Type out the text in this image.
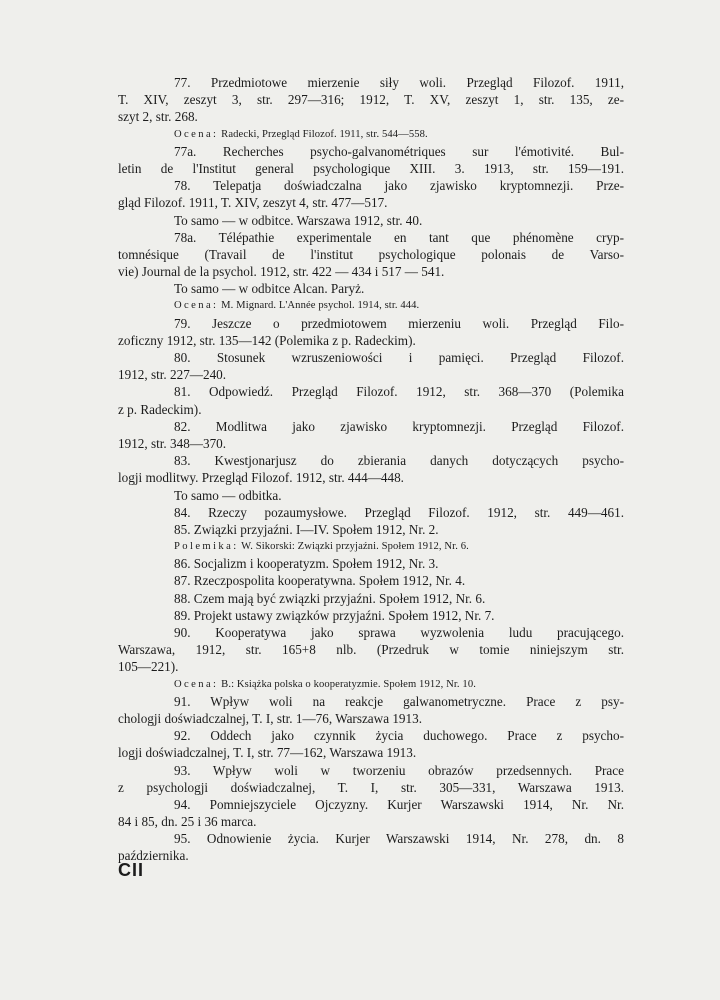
77. Przedmiotowe mierzenie siły woli. Przegląd Filozof. 1911,
T. XIV, zeszyt 3, str. 297—316; 1912, T. XV, zeszyt 1, str. 135, ze-
szyt 2, str. 268.
Ocena: Radecki, Przegląd Filozof. 1911, str. 544—558.
77a. Recherches psycho-galvanométriques sur l'émotivité. Bul-
letin de l'Institut general psychologique XIII. 3. 1913, str. 159—191.
78. Telepatja doświadczalna jako zjawisko kryptomnezji. Prze-
gląd Filozof. 1911, T. XIV, zeszyt 4, str. 477—517.
To samo — w odbitce. Warszawa 1912, str. 40.
78a. Télépathie experimentale en tant que phénomène cryp-
tomnésique (Travail de l'institut psychologique polonais de Varso-
vie) Journal de la psychol. 1912, str. 422 — 434 i 517 — 541.
To samo — w odbitce Alcan. Paryż.
Ocena: M. Mignard. L'Année psychol. 1914, str. 444.
79. Jeszcze o przedmiotowem mierzeniu woli. Przegląd Filo-
zoficzny 1912, str. 135—142 (Polemika z p. Radeckim).
80. Stosunek wzruszeniowości i pamięci. Przegląd Filozof.
1912, str. 227—240.
81. Odpowiedź. Przegląd Filozof. 1912, str. 368—370 (Polemika
z p. Radeckim).
82. Modlitwa jako zjawisko kryptomnezji. Przegląd Filozof.
1912, str. 348—370.
83. Kwestjonarjusz do zbierania danych dotyczących psycho-
logji modlitwy. Przegląd Filozof. 1912, str. 444—448.
To samo — odbitka.
84. Rzeczy pozaumysłowe. Przegląd Filozof. 1912, str. 449—461.
85. Związki przyjaźni. I—IV. Społem 1912, Nr. 2.
Polemika: W. Sikorski: Związki przyjaźni. Społem 1912, Nr. 6.
86. Socjalizm i kooperatyzm. Społem 1912, Nr. 3.
87. Rzeczpospolita kooperatywna. Społem 1912, Nr. 4.
88. Czem mają być związki przyjaźni. Społem 1912, Nr. 6.
89. Projekt ustawy związków przyjaźni. Społem 1912, Nr. 7.
90. Kooperatywa jako sprawa wyzwolenia ludu pracującego.
Warszawa, 1912, str. 165+8 nlb. (Przedruk w tomie niniejszym str.
105—221).
Ocena: B.: Książka polska o kooperatyzmie. Społem 1912, Nr. 10.
91. Wpływ woli na reakcje galwanometryczne. Prace z psy-
chologji doświadczalnej, T. I, str. 1—76, Warszawa 1913.
92. Oddech jako czynnik życia duchowego. Prace z psycho-
logji doświadczalnej, T. I, str. 77—162, Warszawa 1913.
93. Wpływ woli w tworzeniu obrazów przedsennych. Prace
z psychologji doświadczalnej, T. I, str. 305—331, Warszawa 1913.
94. Pomniejszyciele Ojczyzny. Kurjer Warszawski 1914, Nr. Nr.
84 i 85, dn. 25 i 36 marca.
95. Odnowienie życia. Kurjer Warszawski 1914, Nr. 278, dn. 8
października.
CII
